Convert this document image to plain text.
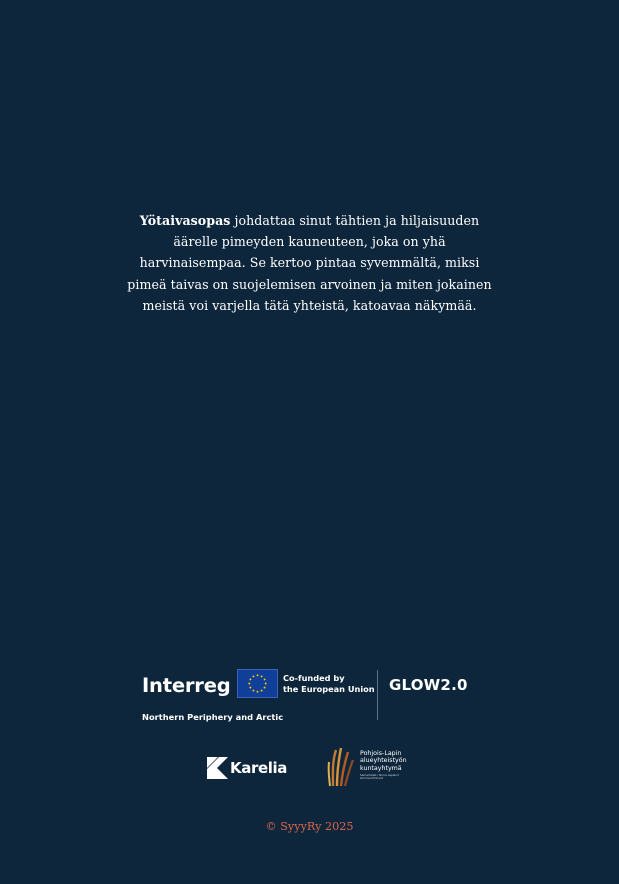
Yötaivasopas johdattaa sinut tähtien ja hiljaisuuden
äärelle pimeyden kauneuteen, joka on yhä
harvinaisempaa. Se kertoo pintaa syvemmältä, miksi
pimeä taivas on suojelemisen arvoinen ja miten jokainen
meistä voi varjella tätä yhteistä, katoavaa näkymää.
Interreg	Co-funded by
the European Union
Northern Periphery and Arctic
GLOW2.0
Karelia
Pohjois-Lapin
alueyhteistyön
kuntayhtymä
Samarbetet i Norra Lapland
kommunförbund
© SyyyRy 2025
